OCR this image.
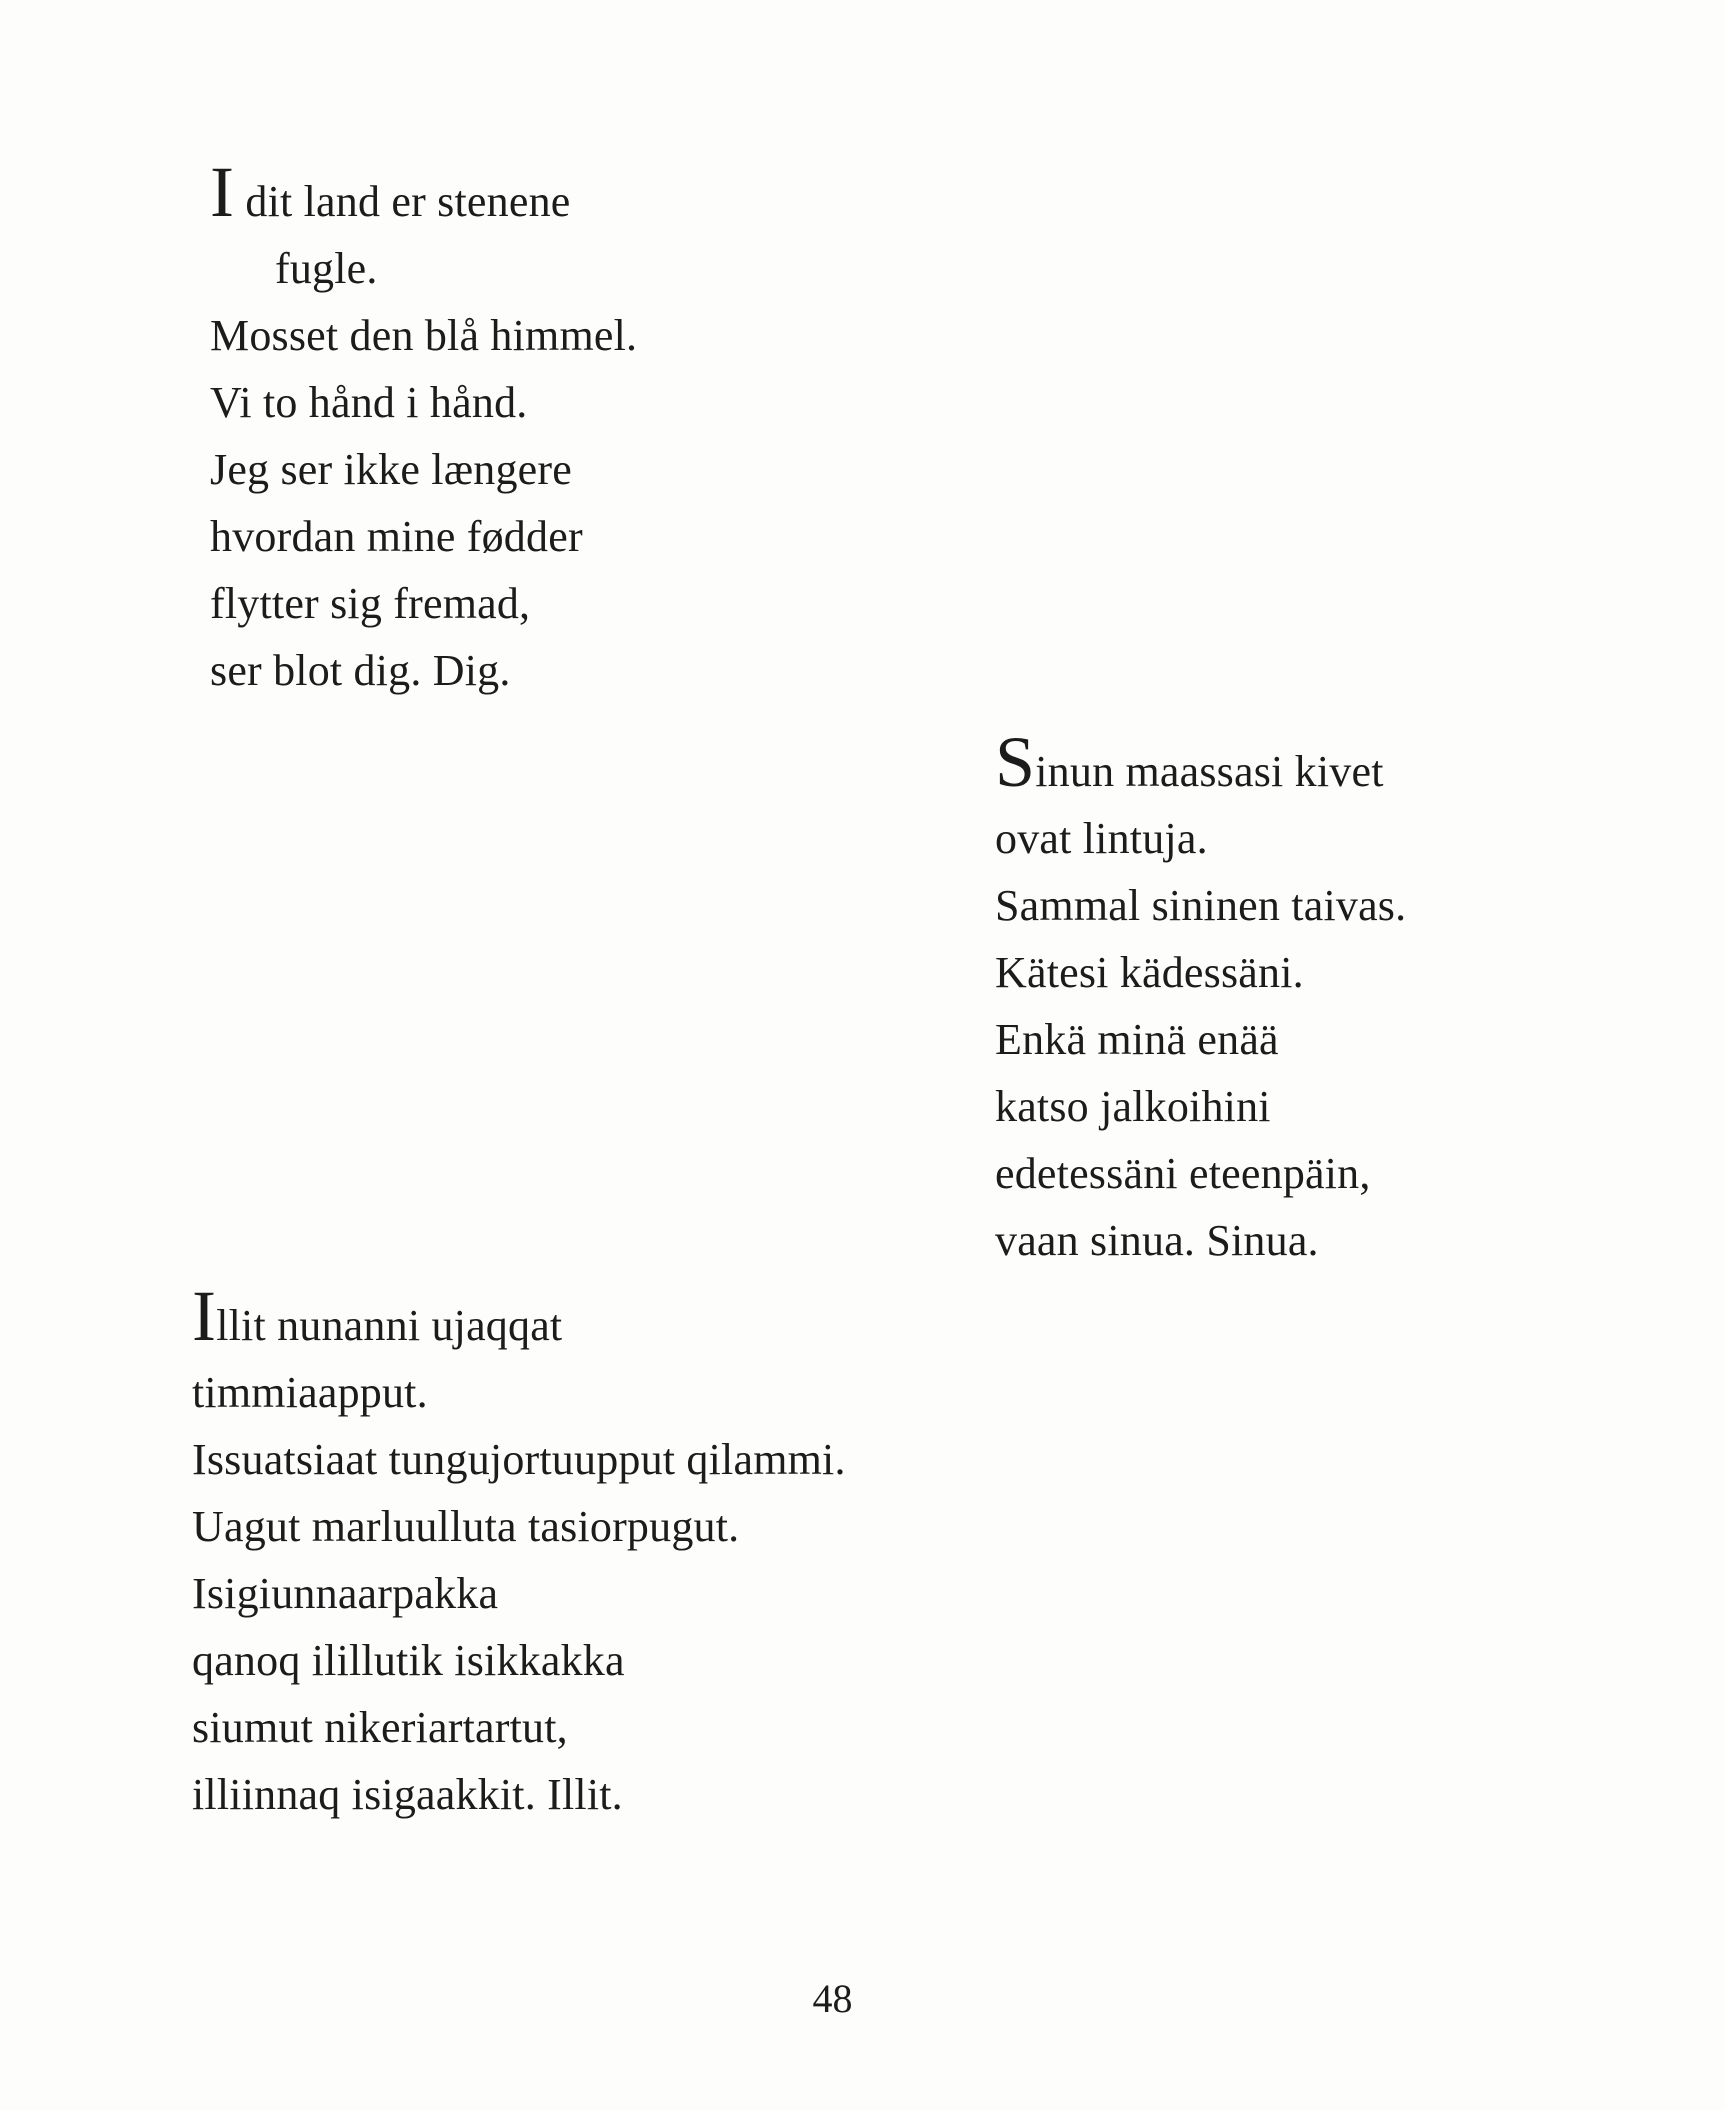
I dit land er stenene
fugle.
Mosset den blå himmel.
Vi to hånd i hånd.
Jeg ser ikke længere
hvordan mine fødder
flytter sig fremad,
ser blot dig. Dig.
Sinun maassasi kivet
ovat lintuja.
Sammal sininen taivas.
Kätesi kädessäni.
Enkä minä enää
katso jalkoihini
edetessäni eteenpäin,
vaan sinua. Sinua.
Illit nunanni ujaqqat
timmiaapput.
Issuatsiaat tungujortuupput qilammi.
Uagut marluulluta tasiorpugut.
Isigiunnaarpakka
qanoq ilillutik isikkakka
siumut nikeriartartut,
illiinnaq isigaakkit. Illit.
48
